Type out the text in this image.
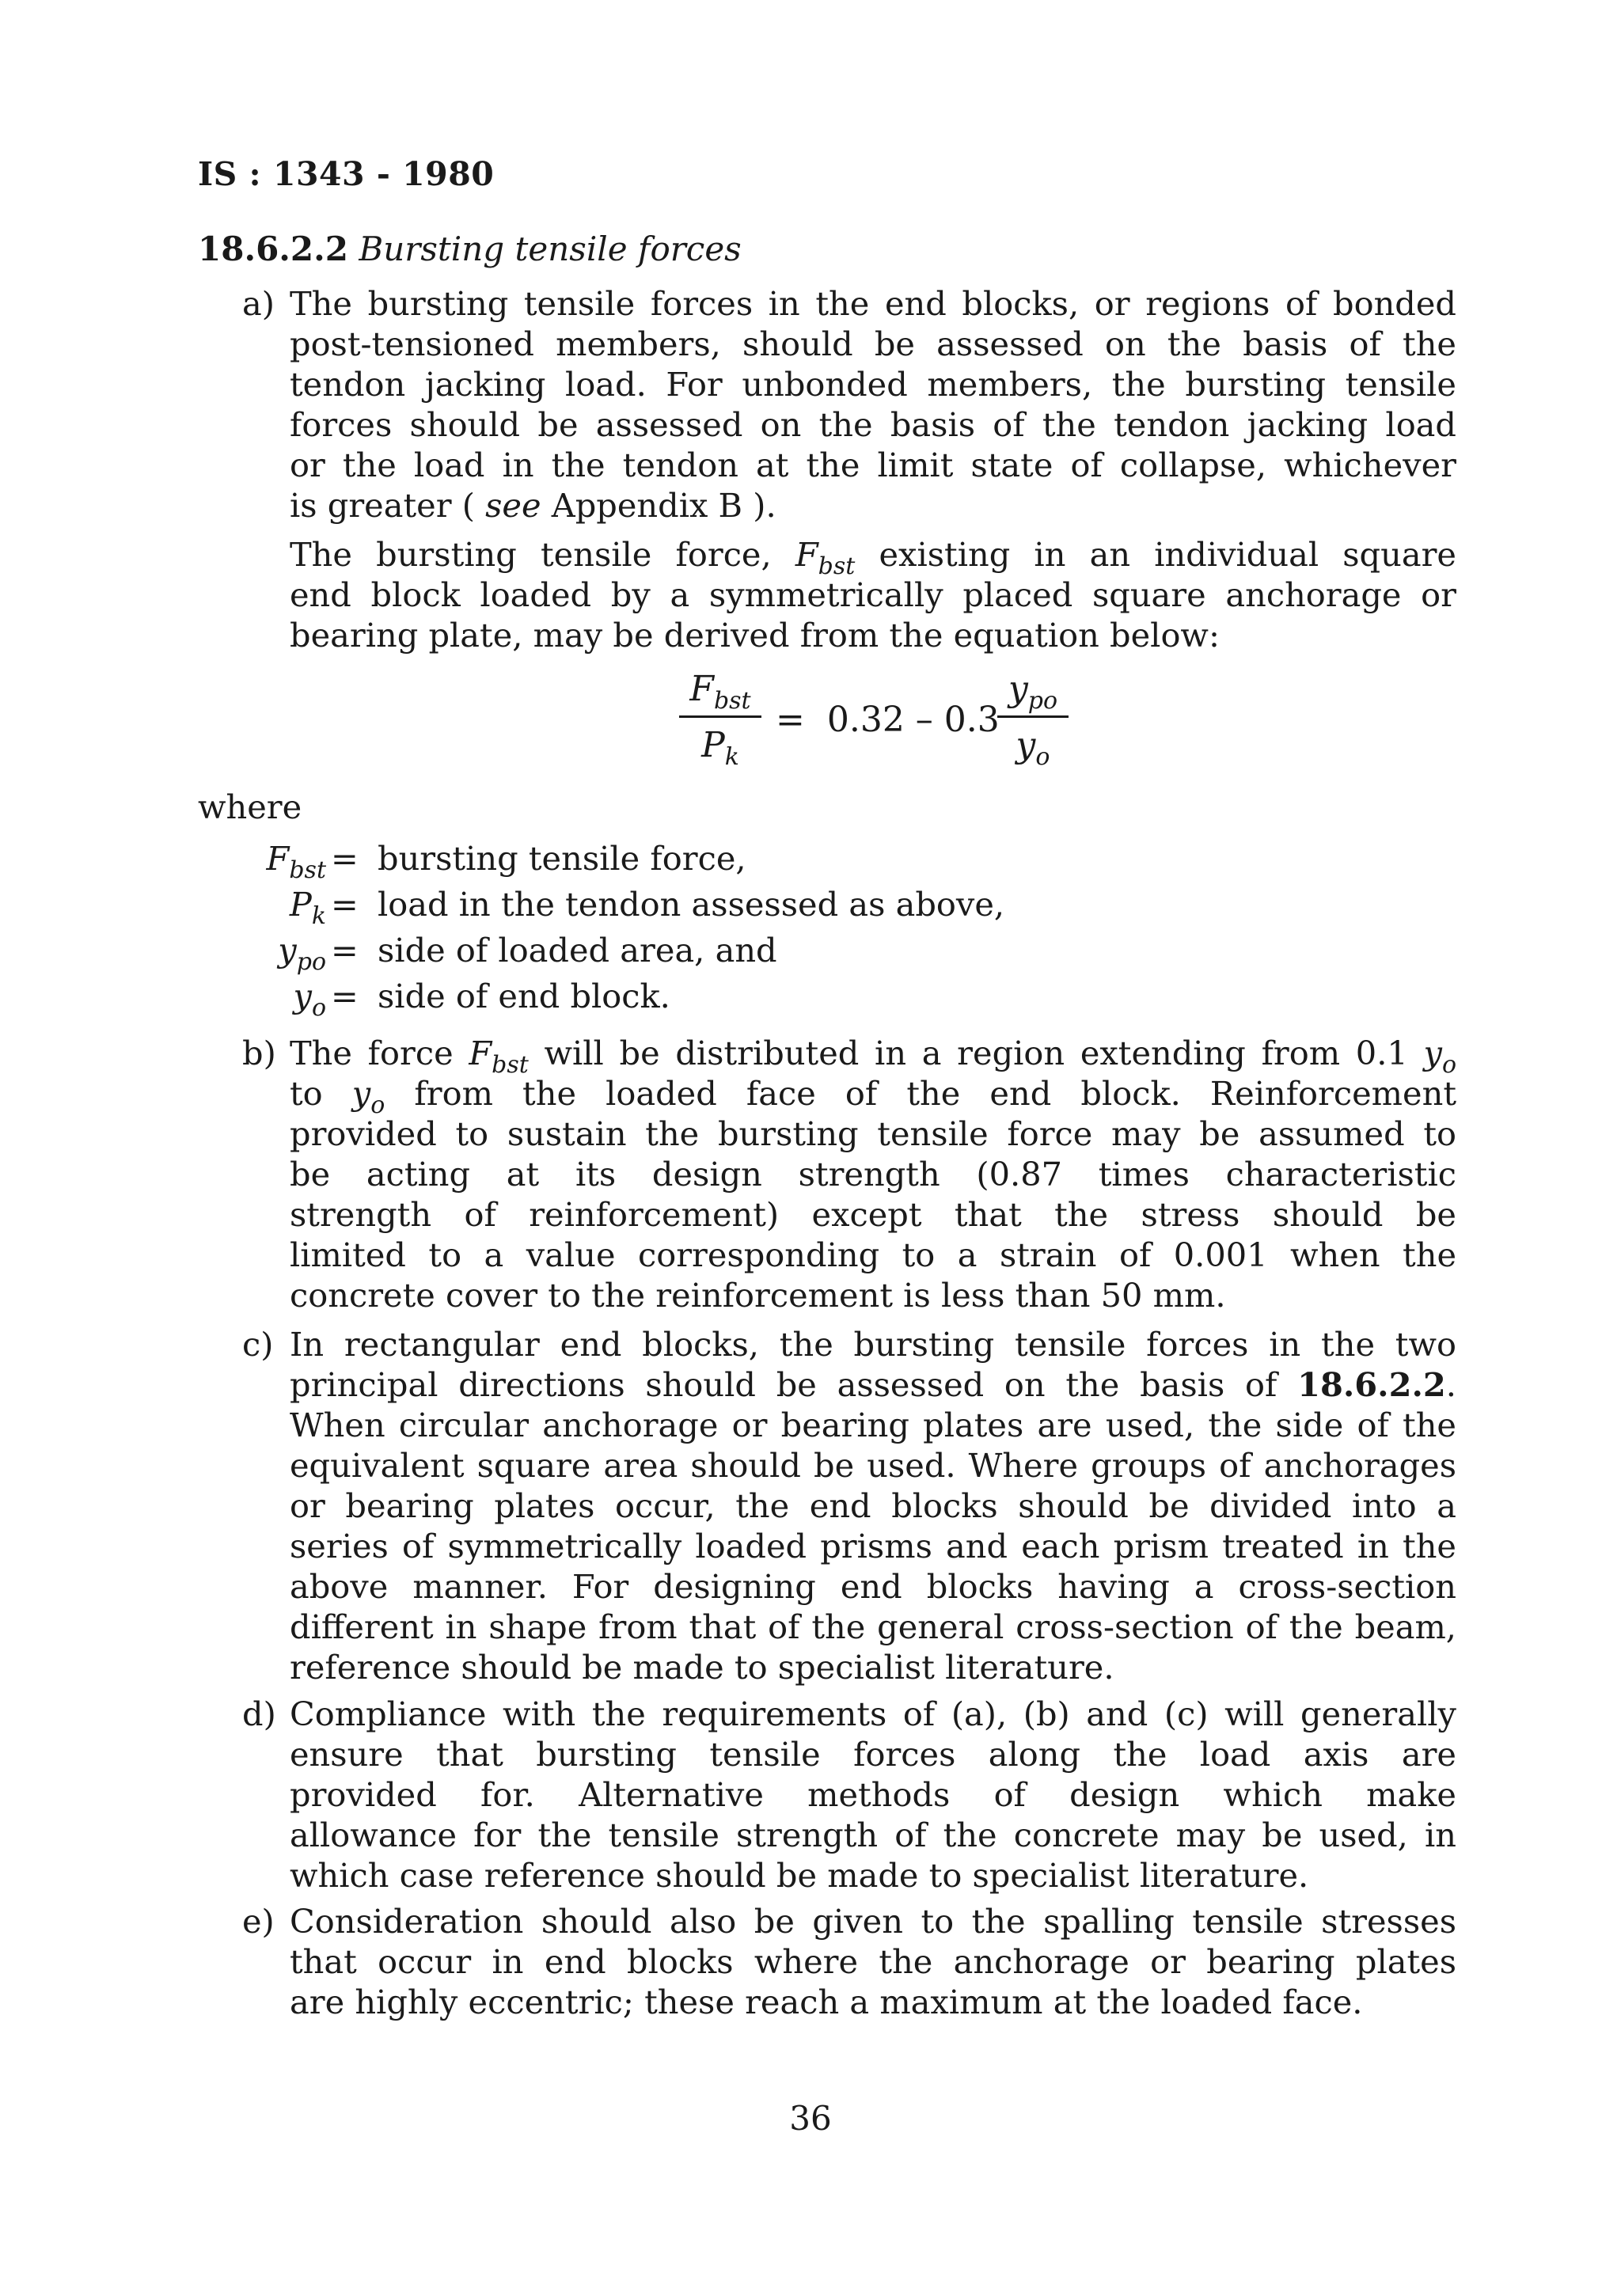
IS : 1343 - 1980
18.6.2.2 Bursting tensile forces
a) The bursting tensile forces in the end blocks, or regions of bonded
post-tensioned members, should be assessed on the basis of the
tendon jacking load. For unbonded members, the bursting tensile
forces should be assessed on the basis of the tendon jacking load
or the load in the tendon at the limit state of collapse, whichever
is greater ( see Appendix B ).
The bursting tensile force, $F_{bst}$ existing in an individual square
end block loaded by a symmetrically placed square anchorage or
bearing plate, may be derived from the equation below:
$F_{bst}$
$P_k$
=  0.32 – 0.3
$y_{po}$
$y_o$
where
$F_{bst}$ = bursting tensile force,
$P_k$ = load in the tendon assessed as above,
$y_{po}$ = side of loaded area, and
$y_o$ = side of end block.
b) The force $F_{bst}$ will be distributed in a region extending from 0.1 $y_o$
to $y_o$ from the loaded face of the end block. Reinforcement
provided to sustain the bursting tensile force may be assumed to
be acting at its design strength (0.87 times characteristic
strength of reinforcement) except that the stress should be
limited to a value corresponding to a strain of 0.001 when the
concrete cover to the reinforcement is less than 50 mm.
c) In rectangular end blocks, the bursting tensile forces in the two
principal directions should be assessed on the basis of 18.6.2.2.
When circular anchorage or bearing plates are used, the side of the
equivalent square area should be used. Where groups of anchorages
or bearing plates occur, the end blocks should be divided into a
series of symmetrically loaded prisms and each prism treated in the
above manner. For designing end blocks having a cross-section
different in shape from that of the general cross-section of the beam,
reference should be made to specialist literature.
d) Compliance with the requirements of (a), (b) and (c) will generally
ensure that bursting tensile forces along the load axis are
provided for. Alternative methods of design which make
allowance for the tensile strength of the concrete may be used, in
which case reference should be made to specialist literature.
e) Consideration should also be given to the spalling tensile stresses
that occur in end blocks where the anchorage or bearing plates
are highly eccentric; these reach a maximum at the loaded face.
36
